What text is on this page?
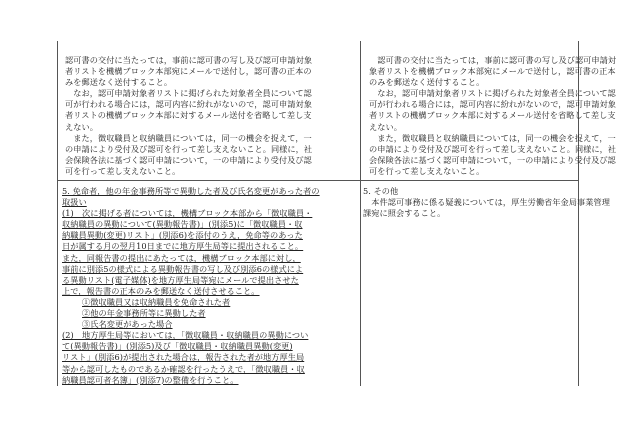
認可書の交付に当たっては，事前に認可書の写し及び認可申請対象

者リストを機構ブロック本部宛にメールで送付し，認可書の正本の

みを郵送なく送付すること。

　なお，認可申請対象者リストに掲げられた対象者全員について認

可が行われる場合には，認可内容に紛れがないので，認可申請対象

者リストの機構ブロック本部に対するメール送付を省略して差し支

えない。

　また，徴収職員と収納職員については，同一の機会を捉えて，一

の申請により受付及び認可を行って差し支えないこと。同様に，社

会保険各法に基づく認可申請について，一の申請により受付及び認

可を行って差し支えないこと。

　認可書の交付に当たっては，事前に認可書の写し及び認可申請対

象者リストを機構ブロック本部宛にメールで送付し，認可書の正本

のみを郵送なく送付すること。

　なお，認可申請対象者リストに掲げられた対象者全員について認

可が行われる場合には，認可内容に紛れがないので，認可申請対象

者リストの機構ブロック本部に対するメール送付を省略して差し支

えない。

　また，徴収職員と収納職員については，同一の機会を捉えて，一

の申請により受付及び認可を行って差し支えないこと。同様に，社

会保険各法に基づく認可申請について，一の申請により受付及び認

可を行って差し支えないこと。

5. 免命者，他の年金事務所等で異動した者及び氏名変更があった者の

取扱い

(1)　次に掲げる者については，機構ブロック本部から「徴収職員・

収納職員の異動について(異動報告書)」(別添5)に「徴収職員・収

納職員異動(変更)リスト」(別添6)を添付のうえ，免命等のあった

日が属する月の翌月10日までに地方厚生局等に提出されること。

また，同報告書の提出にあたっては，機構ブロック本部に対し，

事前に別添5の様式による異動報告書の写し及び別添6の様式によ

る異動リスト(電子媒体)を地方厚生局等宛にメールで提出させた

上で，報告書の正本のみを郵送なく送付させること。

①徴収職員又は収納職員を免命された者

②他の年金事務所等に異動した者

③氏名変更があった場合

(2)　地方厚生局等においては，「徴収職員・収納職員の異動につい

て(異動報告書)」(別添5)及び「徴収職員・収納職員異動(変更)

リスト」(別添6)が提出された場合は，報告された者が地方厚生局

等から認可したものであるか確認を行ったうえで，「徴収職員・収

納職員認可者名簿」(別添7)の整備を行うこと。

5. その他

　本件認可事務に係る疑義については，厚生労働省年金局事業管理

課宛に照会すること。
